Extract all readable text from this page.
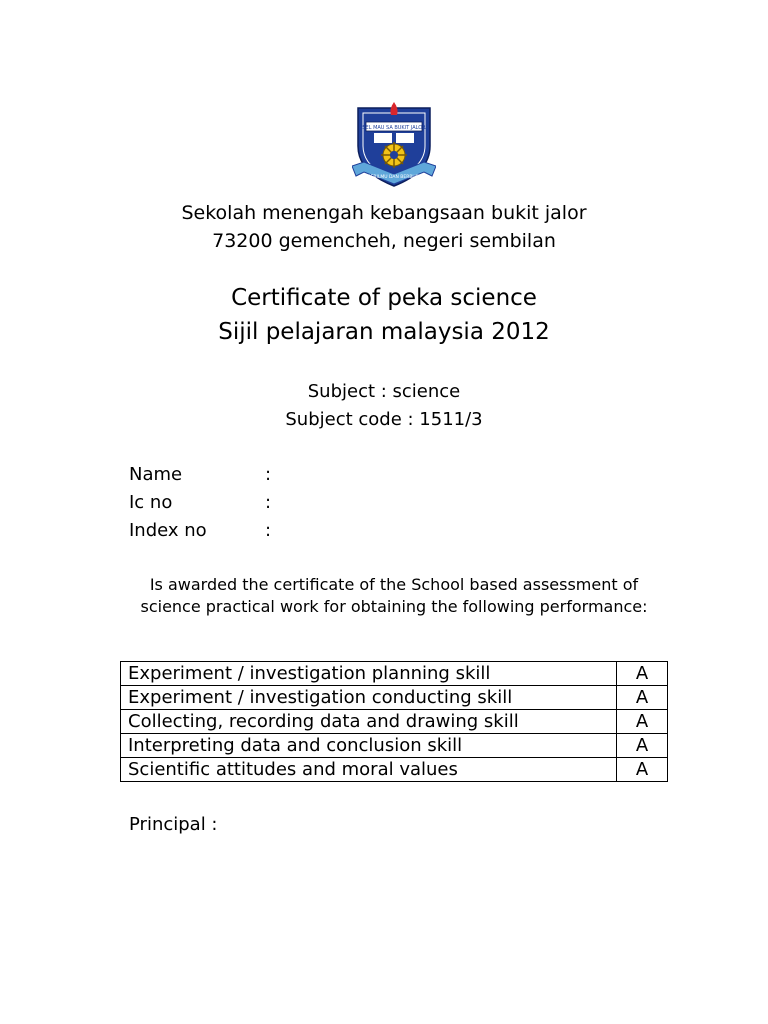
SEL MAU SA BUKIT JALOR
BERILMU DAN BERBUDI
Sekolah menengah kebangsaan bukit jalor
73200 gemencheh, negeri sembilan
Certificate of peka science
Sijil pelajaran malaysia 2012
Subject : science
Subject code : 1511/3
Name	:
Ic no	:
Index no	:
Is awarded the certificate of the School based assessment of science practical work for obtaining the following performance:
Experiment / investigation planning skill	A
Experiment / investigation conducting skill	A
Collecting, recording data and drawing skill	A
Interpreting data and conclusion skill	A
Scientific attitudes and moral values	A
Principal :
